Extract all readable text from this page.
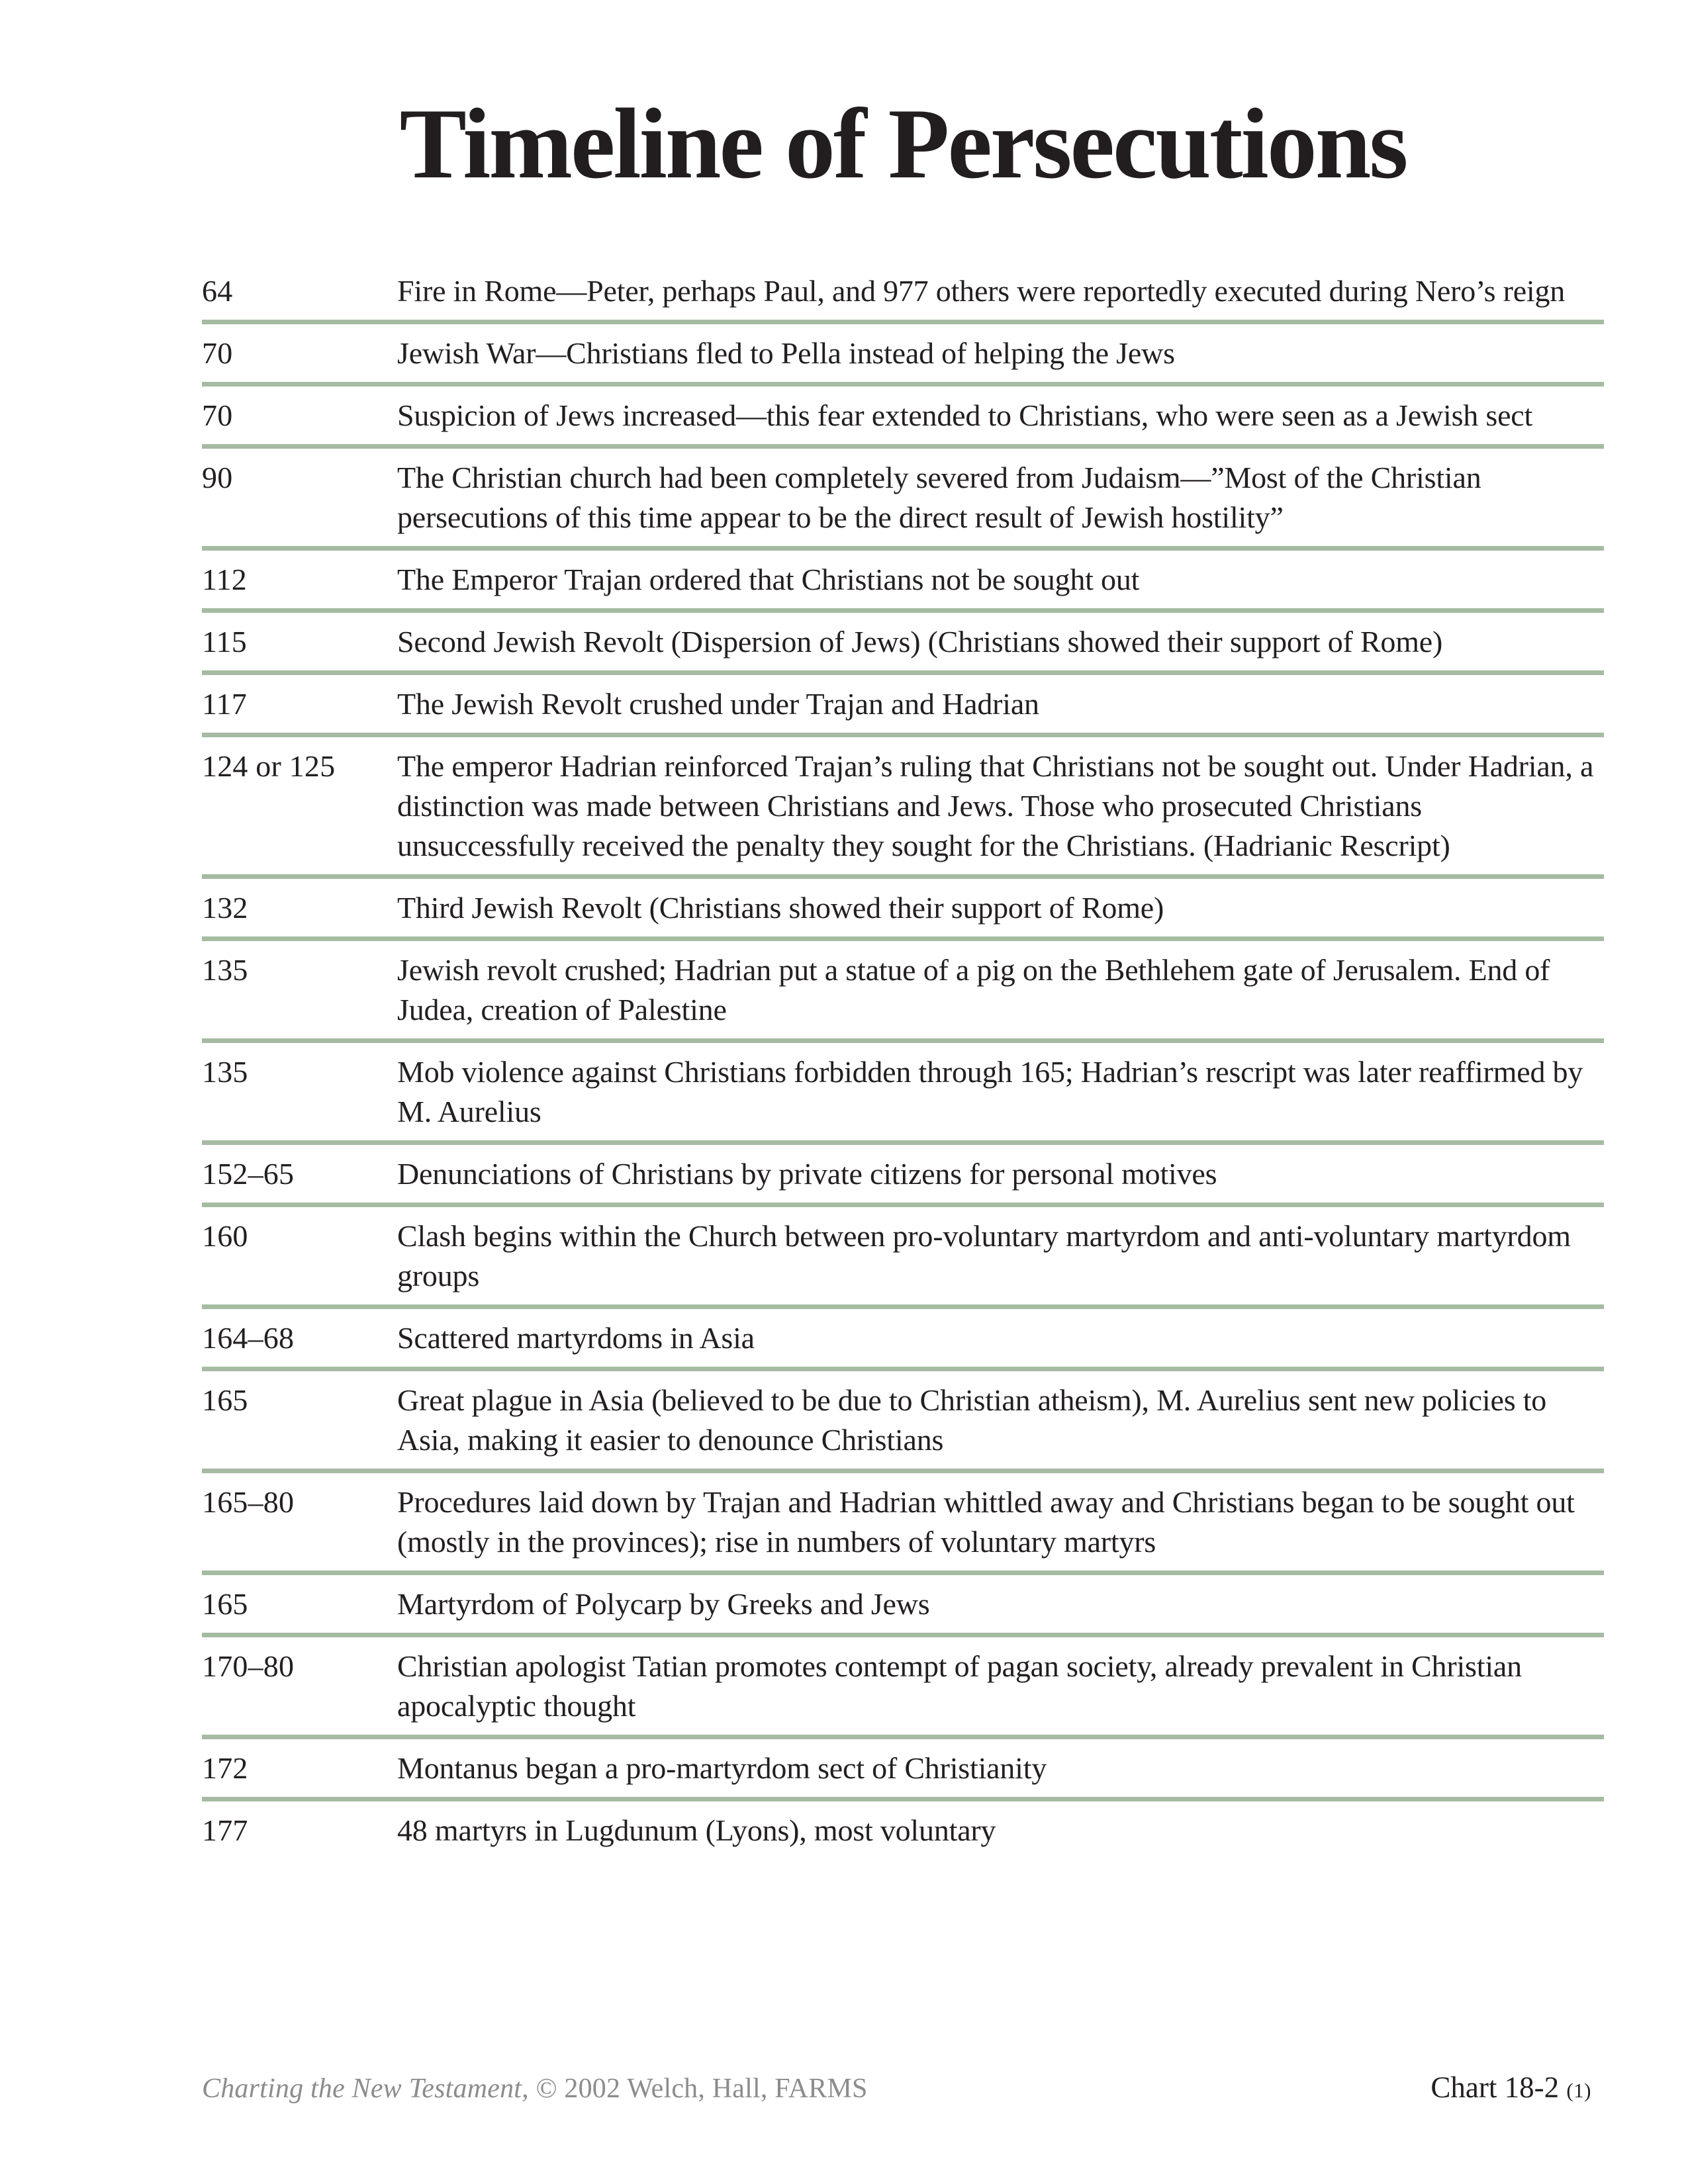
Timeline of Persecutions
64	Fire in Rome—Peter, perhaps Paul, and 977 others were reportedly executed during Nero’s reign
70	Jewish War—Christians fled to Pella instead of helping the Jews
70	Suspicion of Jews increased—this fear extended to Christians, who were seen as a Jewish sect
90	The Christian church had been completely severed from Judaism—”Most of the Christian persecutions of this time appear to be the direct result of Jewish hostility”
112	The Emperor Trajan ordered that Christians not be sought out
115	Second Jewish Revolt (Dispersion of Jews) (Christians showed their support of Rome)
117	The Jewish Revolt crushed under Trajan and Hadrian
124 or 125	The emperor Hadrian reinforced Trajan’s ruling that Christians not be sought out. Under Hadrian, a distinction was made between Christians and Jews. Those who prosecuted Christians unsuccessfully received the penalty they sought for the Christians. (Hadrianic Rescript)
132	Third Jewish Revolt (Christians showed their support of Rome)
135	Jewish revolt crushed; Hadrian put a statue of a pig on the Bethlehem gate of Jerusalem. End of Judea, creation of Palestine
135	Mob violence against Christians forbidden through 165; Hadrian’s rescript was later reaffirmed by M. Aurelius
152–65	Denunciations of Christians by private citizens for personal motives
160	Clash begins within the Church between pro-voluntary martyrdom and anti-voluntary martyrdom groups
164–68	Scattered martyrdoms in Asia
165	Great plague in Asia (believed to be due to Christian atheism), M. Aurelius sent new policies to Asia, making it easier to denounce Christians
165–80	Procedures laid down by Trajan and Hadrian whittled away and Christians began to be sought out (mostly in the provinces); rise in numbers of voluntary martyrs
165	Martyrdom of Polycarp by Greeks and Jews
170–80	Christian apologist Tatian promotes contempt of pagan society, already prevalent in Christian apocalyptic thought
172	Montanus began a pro-martyrdom sect of Christianity
177	48 martyrs in Lugdunum (Lyons), most voluntary
Charting the New Testament, © 2002 Welch, Hall, FARMS	Chart 18-2 (1)
